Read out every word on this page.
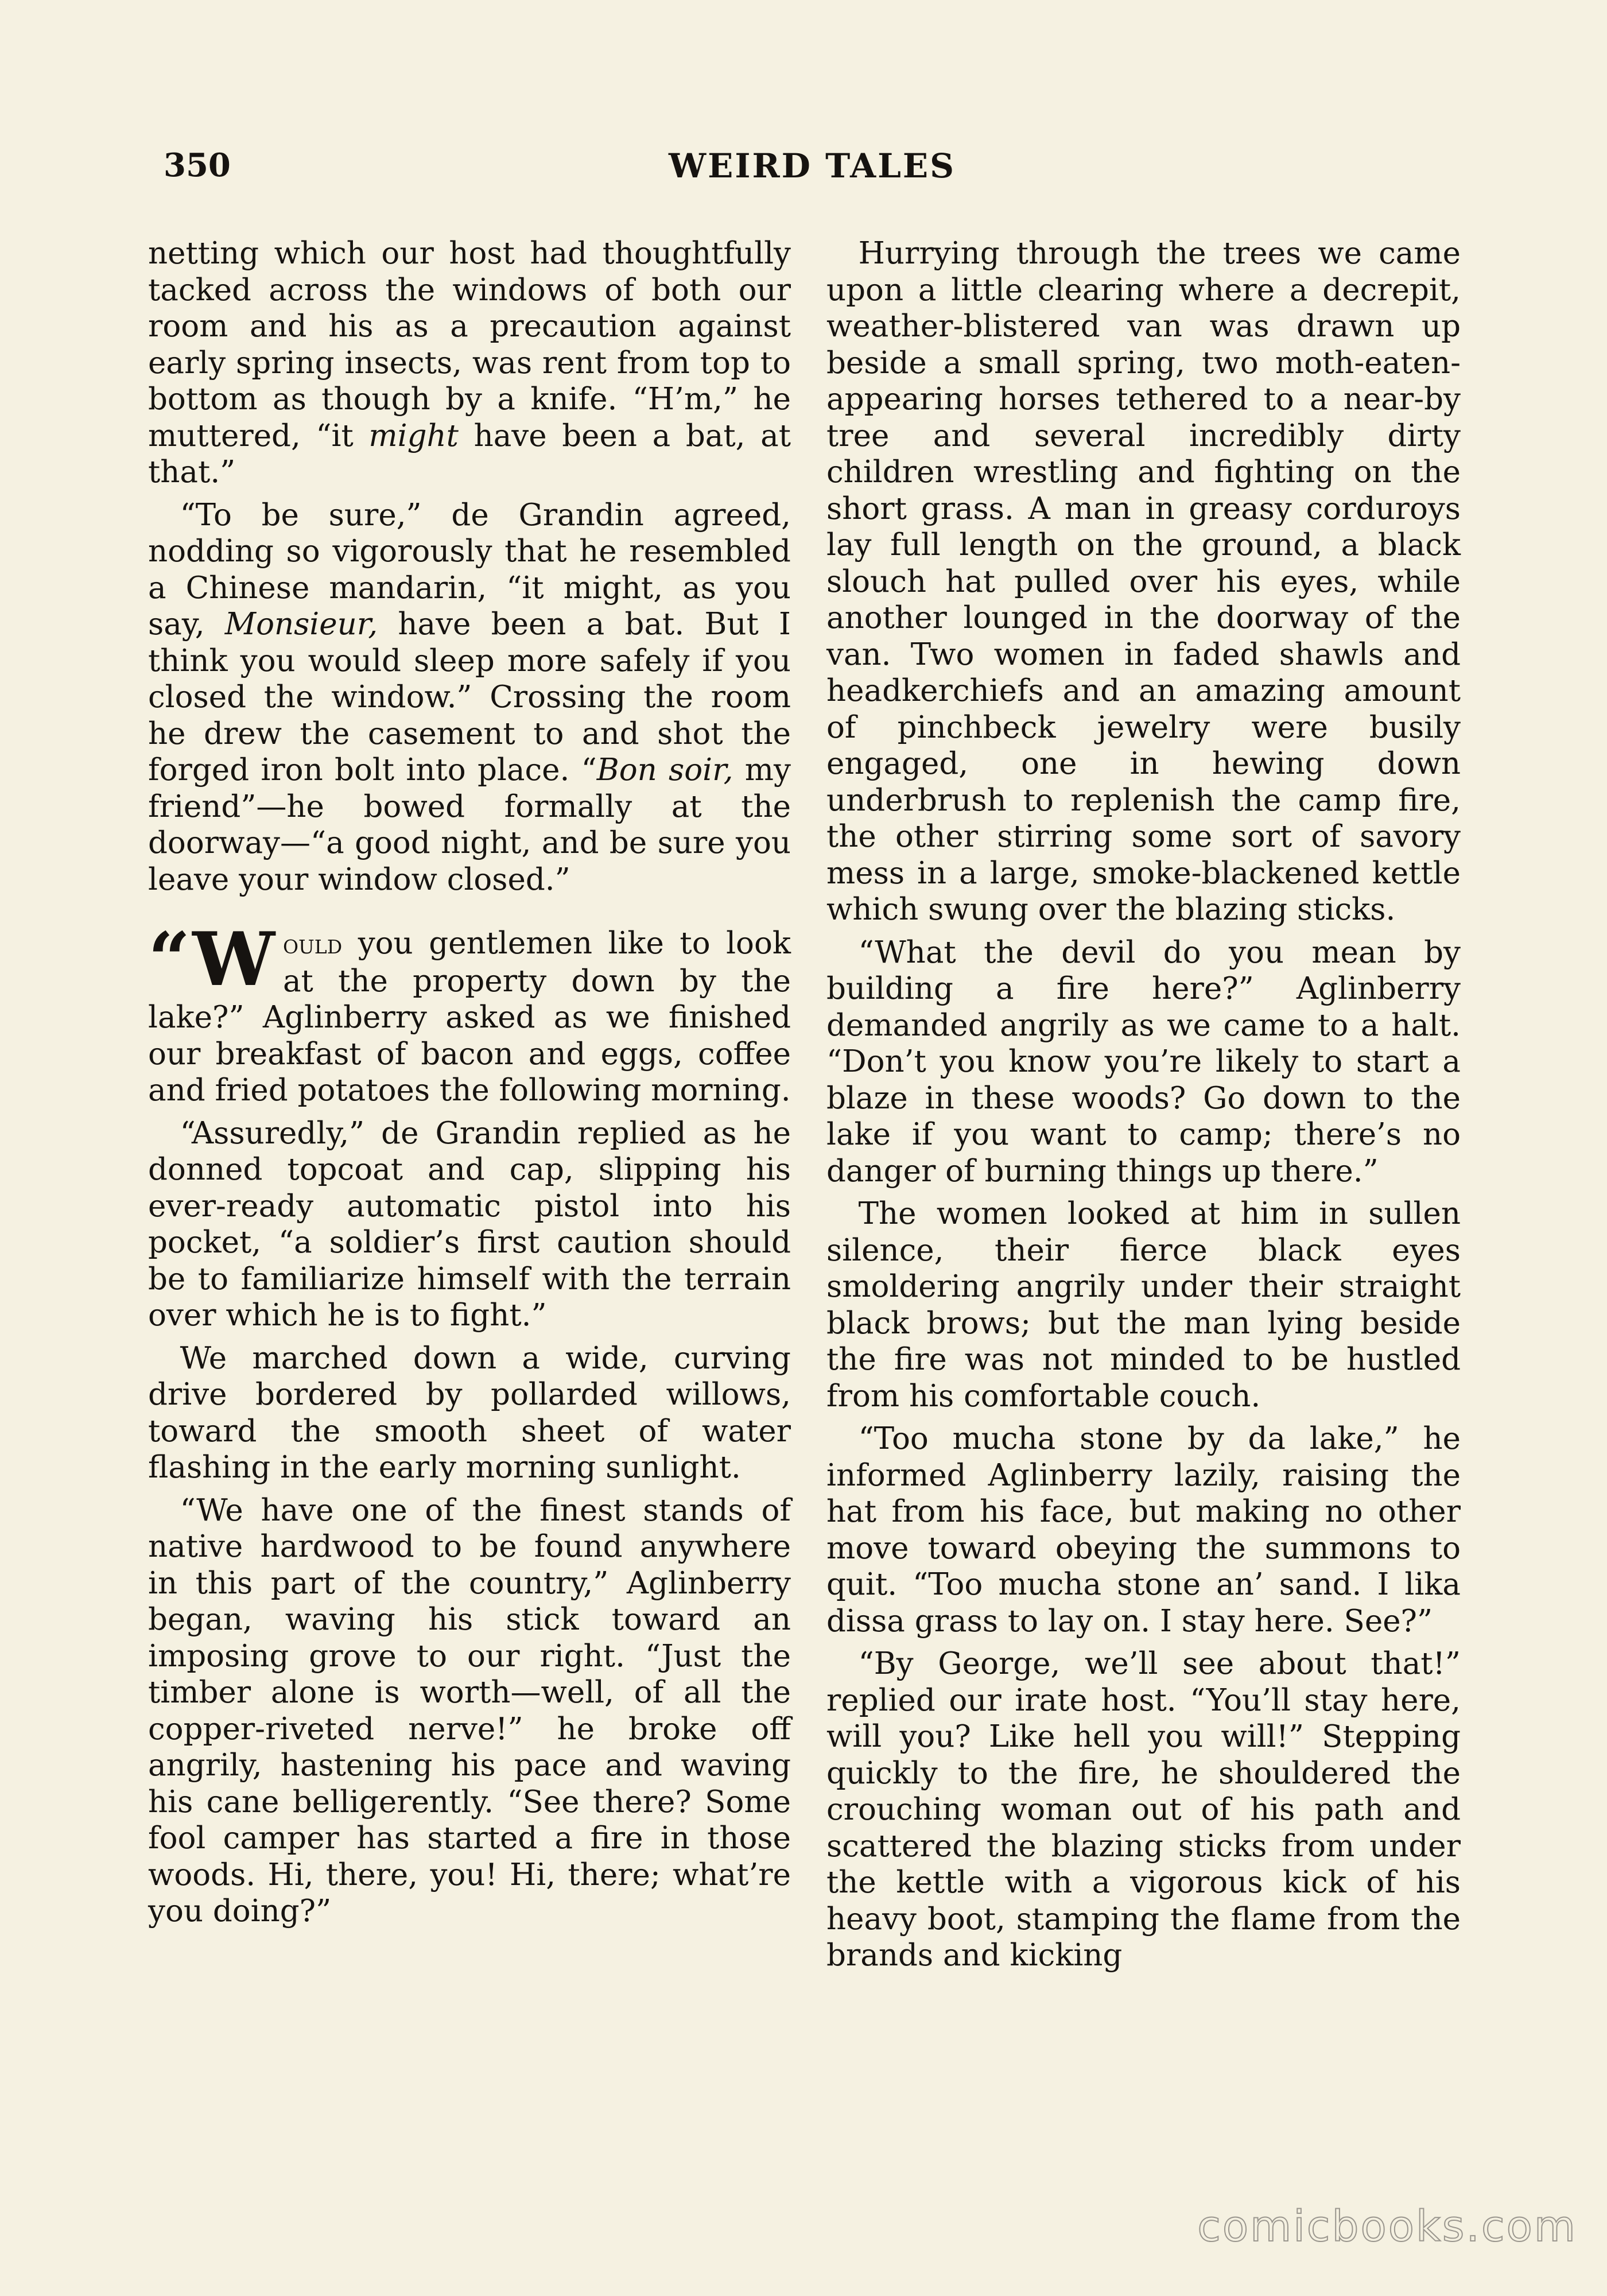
350	WEIRD TALES

netting which our host had thoughtfully tacked across the windows of both our room and his as a precaution against early spring insects, was rent from top to bottom as though by a knife. “H’m,” he muttered, “it might have been a bat, at that.”

“To be sure,” de Grandin agreed, nodding so vigorously that he resembled a Chinese mandarin, “it might, as you say, Monsieur, have been a bat. But I think you would sleep more safely if you closed the window.” Crossing the room he drew the casement to and shot the forged iron bolt into place. “Bon soir, my friend”—he bowed formally at the doorway—“a good night, and be sure you leave your window closed.”

“W ould you gentlemen like to look at the property down by the lake?” Aglinberry asked as we finished our breakfast of bacon and eggs, coffee and fried potatoes the following morning.

“Assuredly,” de Grandin replied as he donned topcoat and cap, slipping his ever-ready automatic pistol into his pocket, “a soldier’s first caution should be to familiarize himself with the terrain over which he is to fight.”

We marched down a wide, curving drive bordered by pollarded willows, toward the smooth sheet of water flashing in the early morning sunlight.

“We have one of the finest stands of native hardwood to be found anywhere in this part of the country,” Aglinberry began, waving his stick toward an imposing grove to our right. “Just the timber alone is worth—well, of all the copper-riveted nerve!” he broke off angrily, hastening his pace and waving his cane belligerently. “See there? Some fool camper has started a fire in those woods. Hi, there, you! Hi, there; what’re you doing?”

Hurrying through the trees we came upon a little clearing where a decrepit, weather-blistered van was drawn up beside a small spring, two moth-eaten-appearing horses tethered to a near-by tree and several incredibly dirty children wrestling and fighting on the short grass. A man in greasy corduroys lay full length on the ground, a black slouch hat pulled over his eyes, while another lounged in the doorway of the van. Two women in faded shawls and headkerchiefs and an amazing amount of pinchbeck jewelry were busily engaged, one in hewing down underbrush to replenish the camp fire, the other stirring some sort of savory mess in a large, smoke-blackened kettle which swung over the blazing sticks.

“What the devil do you mean by building a fire here?” Aglinberry demanded angrily as we came to a halt. “Don’t you know you’re likely to start a blaze in these woods? Go down to the lake if you want to camp; there’s no danger of burning things up there.”

The women looked at him in sullen silence, their fierce black eyes smoldering angrily under their straight black brows; but the man lying beside the fire was not minded to be hustled from his comfortable couch.

“Too mucha stone by da lake,” he informed Aglinberry lazily, raising the hat from his face, but making no other move toward obeying the summons to quit. “Too mucha stone an’ sand. I lika dissa grass to lay on. I stay here. See?”

“By George, we’ll see about that!” replied our irate host. “You’ll stay here, will you? Like hell you will!” Stepping quickly to the fire, he shouldered the crouching woman out of his path and scattered the blazing sticks from under the kettle with a vigorous kick of his heavy boot, stamping the flame from the brands and kicking

comicbooks.com
